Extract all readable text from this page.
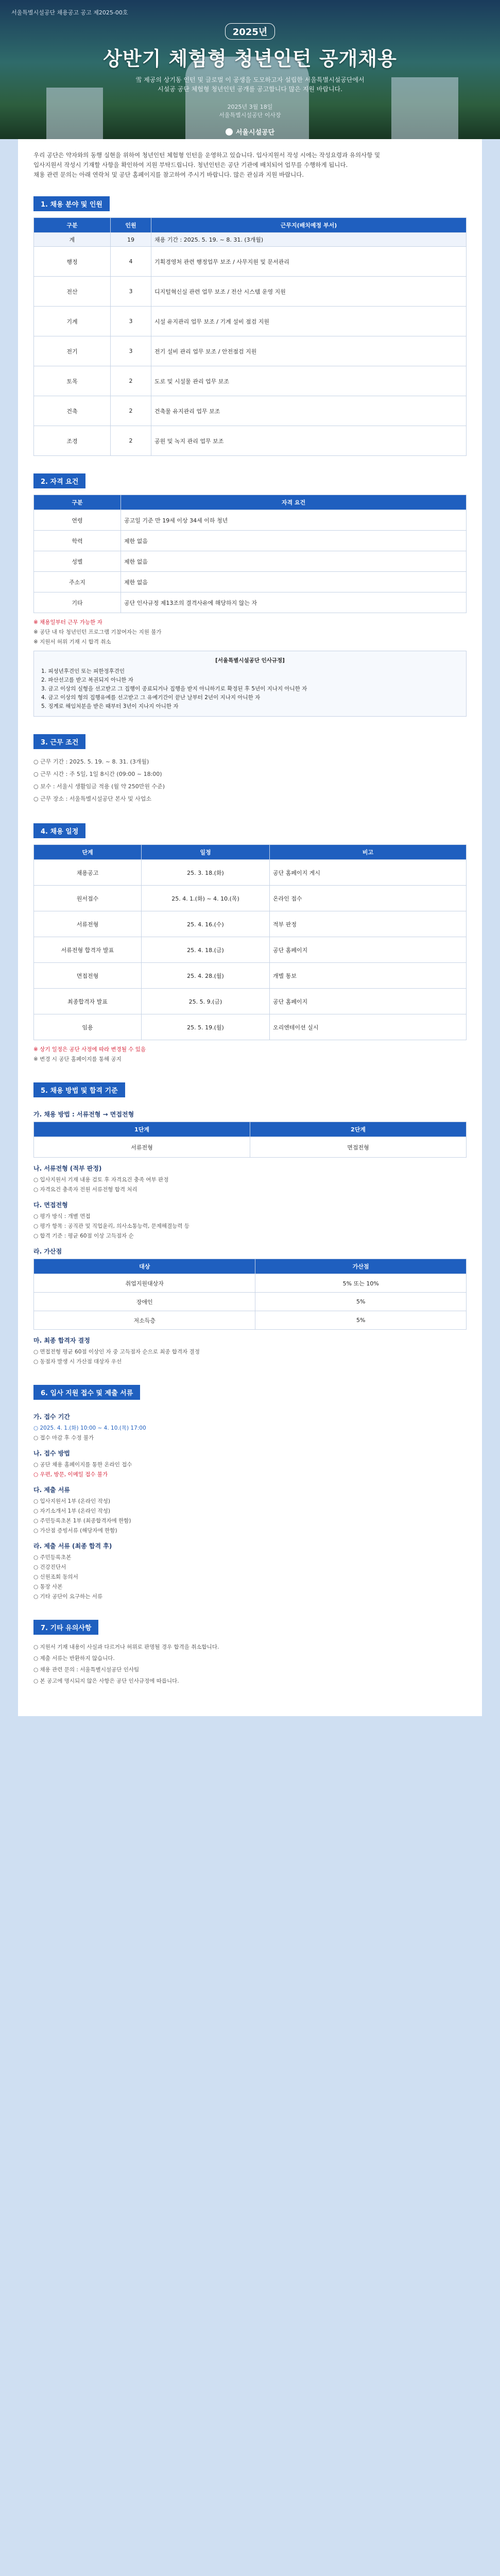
서울특별시설공단 채용공고 공고 제2025-00호
2025년
상반기 체험형 청년인턴 공개채용
雪 제공의 상기동 인턴 및 글로벌 이 공생을 도모하고자 설립한 서울특별시설공단에서
시설공 공단 체험형 청년인턴 공개를 공고합니다 많은 지원 바랍니다.
2025년 3월 18일
서울특별시설공단 이사장
서울시설공단
우리 공단은 약자와의 동행 실현을 위하여 청년인턴 체험형 인턴을 운영하고 있습니다. 입사지원서 작성 시에는 작성요령과 유의사항 및
입사지원서 작성시 기재할 사항을 확인하여 지원 부탁드립니다. 청년인턴은 공단 기관에 배치되어 업무를 수행하게 됩니다.
채용 관련 문의는 아래 연락처 및 공단 홈페이지를 참고하여 주시기 바랍니다. 많은 관심과 지원 바랍니다.
1. 채용 분야 및 인원
구분	인원	근무지(배치예정 부서)
계	19	채용 기간 : 2025. 5. 19. ~ 8. 31. (3개월)
행정	4	기획경영처 관련 행정업무 보조 / 사무지원 및 문서관리
전산	3	디지털혁신실 관련 업무 보조 / 전산 시스템 운영 지원
기계	3	시설 유지관리 업무 보조 / 기계 설비 점검 지원
전기	3	전기 설비 관리 업무 보조 / 안전점검 지원
토목	2	도로 및 시설물 관리 업무 보조
건축	2	건축물 유지관리 업무 보조
조경	2	공원 및 녹지 관리 업무 보조
2. 자격 요건
구분	자격 요건
연령	공고일 기준 만 19세 이상 34세 이하 청년
학력	제한 없음
성별	제한 없음
주소지	제한 없음
기타	공단 인사규정 제13조의 결격사유에 해당하지 않는 자

※ 채용일부터 근무 가능한 자

※ 공단 내 타 청년인턴 프로그램 기참여자는 지원 불가

※ 지원서 허위 기재 시 합격 취소

[서울특별시설공단 인사규정]
1. 피성년후견인 또는 피한정후견인
2. 파산선고를 받고 복권되지 아니한 자
3. 금고 이상의 실형을 선고받고 그 집행이 종료되거나 집행을 받지 아니하기로 확정된 후 5년이 지나지 아니한 자
4. 금고 이상의 형의 집행유예를 선고받고 그 유예기간이 끝난 날부터 2년이 지나지 아니한 자
5. 징계로 해임처분을 받은 때부터 3년이 지나지 아니한 자
3. 근무 조건

○ 근무 기간 : 2025. 5. 19. ~ 8. 31. (3개월)

○ 근무 시간 : 주 5일, 1일 8시간 (09:00 ~ 18:00)

○ 보수 : 서울시 생활임금 적용 (월 약 250만원 수준)

○ 근무 장소 : 서울특별시설공단 본사 및 사업소

4. 채용 일정
단계	일정	비고
채용공고	25. 3. 18.(화)	공단 홈페이지 게시
원서접수	25. 4. 1.(화) ~ 4. 10.(목)	온라인 접수
서류전형	25. 4. 16.(수)	적부 판정
서류전형 합격자 발표	25. 4. 18.(금)	공단 홈페이지
면접전형	25. 4. 28.(월)	개별 통보
최종합격자 발표	25. 5. 9.(금)	공단 홈페이지
임용	25. 5. 19.(월)	오리엔테이션 실시

※ 상기 일정은 공단 사정에 따라 변경될 수 있음

※ 변경 시 공단 홈페이지를 통해 공지

5. 채용 방법 및 합격 기준
가. 채용 방법 : 서류전형 → 면접전형
1단계	2단계
서류전형	면접전형
나. 서류전형 (적부 판정)

○ 입사지원서 기재 내용 검토 후 자격요건 충족 여부 판정

○ 자격요건 충족자 전원 서류전형 합격 처리

다. 면접전형

○ 평가 방식 : 개별 면접

○ 평가 항목 : 공직관 및 직업윤리, 의사소통능력, 문제해결능력 등

○ 합격 기준 : 평균 60점 이상 고득점자 순

라. 가산점
대상	가산점
취업지원대상자	5% 또는 10%
장애인	5%
저소득층	5%
마. 최종 합격자 결정

○ 면접전형 평균 60점 이상인 자 중 고득점자 순으로 최종 합격자 결정

○ 동점자 발생 시 가산점 대상자 우선

6. 입사 지원 접수 및 제출 서류
가. 접수 기간

○ 2025. 4. 1.(화) 10:00 ~ 4. 10.(목) 17:00

○ 접수 마감 후 수정 불가

나. 접수 방법

○ 공단 채용 홈페이지를 통한 온라인 접수

○ 우편, 방문, 이메일 접수 불가

다. 제출 서류

○ 입사지원서 1부 (온라인 작성)

○ 자기소개서 1부 (온라인 작성)

○ 주민등록초본 1부 (최종합격자에 한함)

○ 가산점 증빙서류 (해당자에 한함)

라. 제출 서류 (최종 합격 후)

○ 주민등록초본

○ 건강진단서

○ 신원조회 동의서

○ 통장 사본

○ 기타 공단이 요구하는 서류

7. 기타 유의사항

○ 지원서 기재 내용이 사실과 다르거나 허위로 판명될 경우 합격을 취소합니다.

○ 제출 서류는 반환하지 않습니다.

○ 채용 관련 문의 : 서울특별시설공단 인사팀

○ 본 공고에 명시되지 않은 사항은 공단 인사규정에 따릅니다.
